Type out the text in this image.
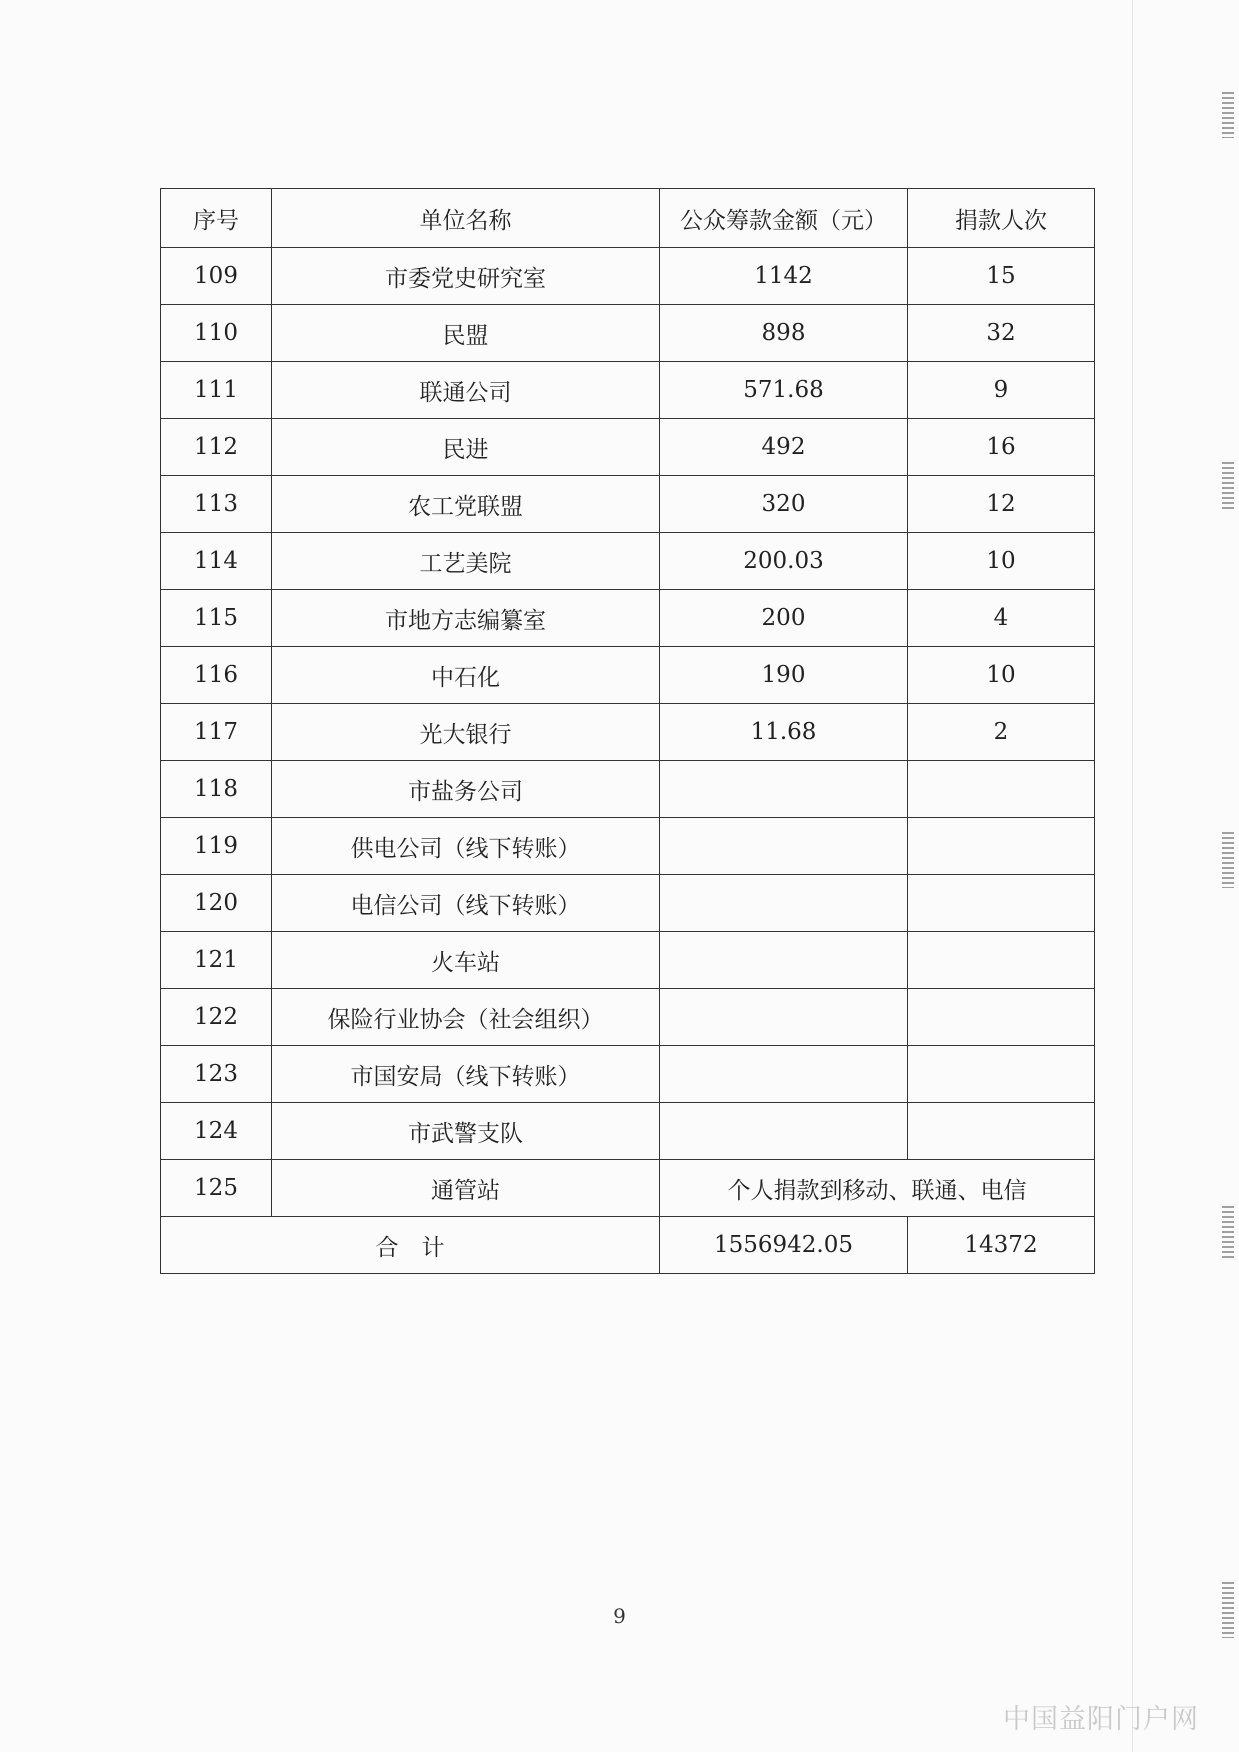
序号	单位名称	公众筹款金额（元）	捐款人次
109	市委党史研究室	1142	15
110	民盟	898	32
111	联通公司	571.68	9
112	民进	492	16
113	农工党联盟	320	12
114	工艺美院	200.03	10
115	市地方志编纂室	200	4
116	中石化	190	10
117	光大银行	11.68	2
118	市盐务公司		
119	供电公司（线下转账）		
120	电信公司（线下转账）		
121	火车站		
122	保险行业协会（社会组织）		
123	市国安局（线下转账）		
124	市武警支队		
125	通管站	个人捐款到移动、联通、电信	
合　计		1556942.05	14372
9
中国益阳门户网
